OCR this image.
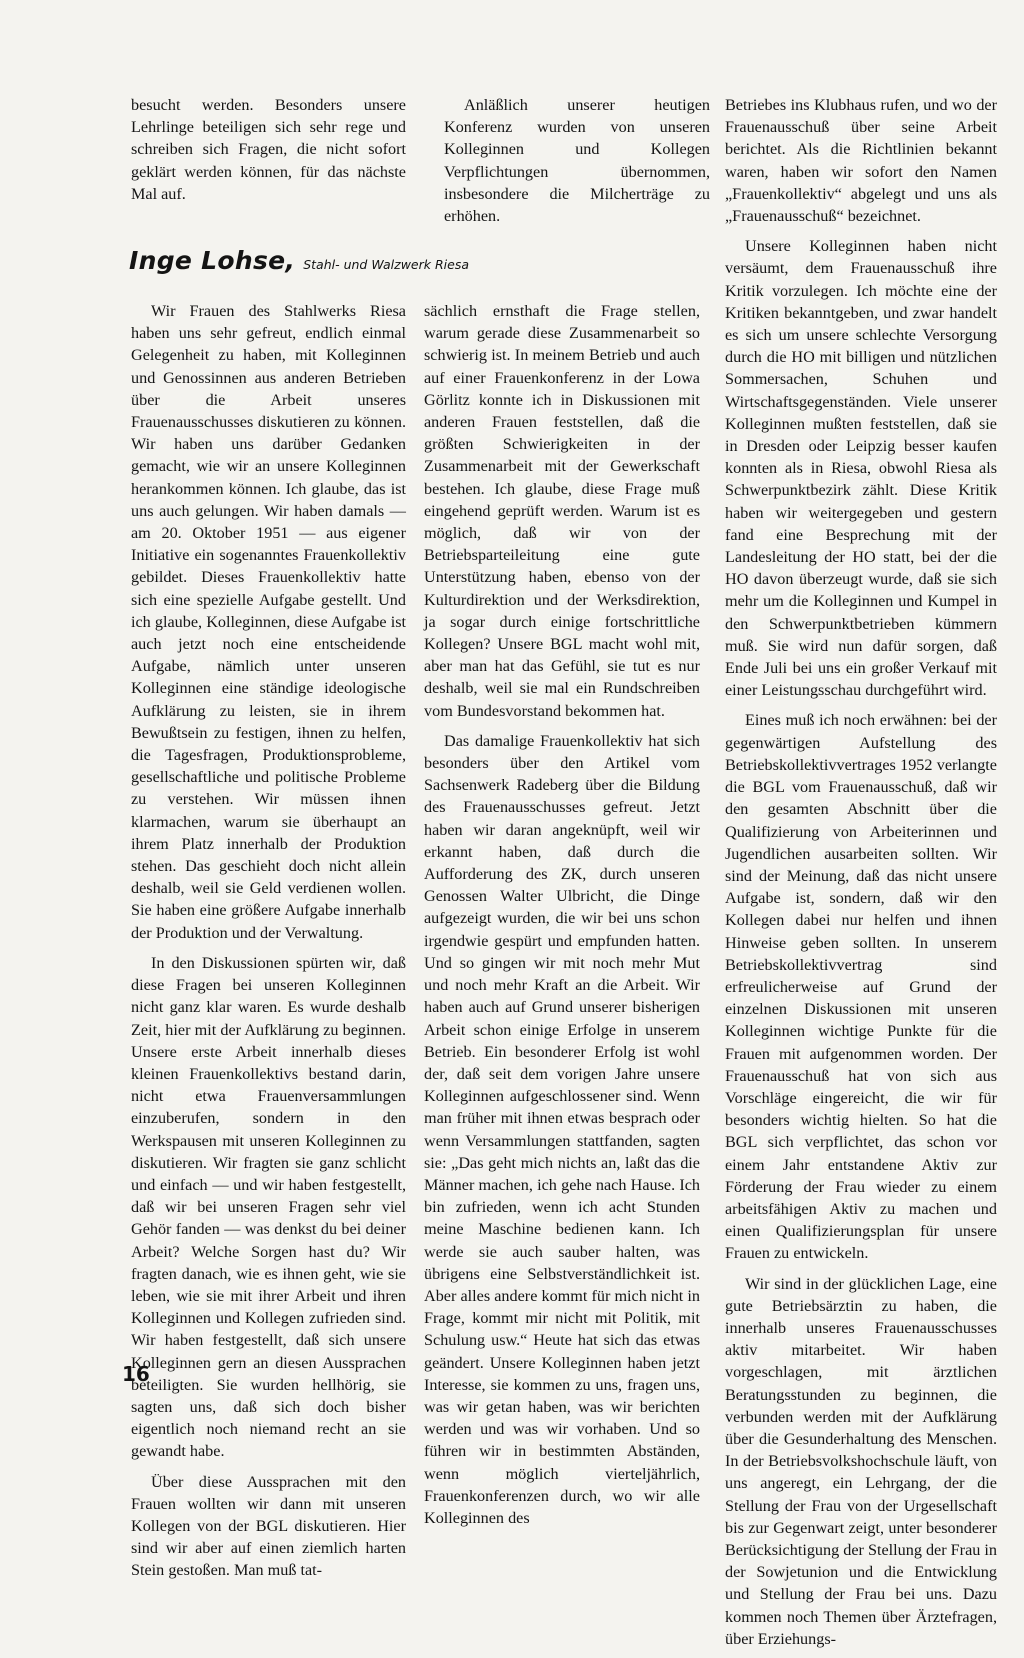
besucht werden. Besonders unsere Lehrlinge beteiligen sich sehr rege und schreiben sich Fragen, die nicht sofort geklärt werden können, für das nächste Mal auf.

Anläßlich unserer heutigen Konferenz wurden von unseren Kolleginnen und Kollegen Verpflichtungen übernommen, insbesondere die Milcherträge zu erhöhen.

Inge Lohse, Stahl- und Walzwerk Riesa

Wir Frauen des Stahlwerks Riesa haben uns sehr gefreut, endlich einmal Gelegenheit zu haben, mit Kolleginnen und Genossinnen aus anderen Betrieben über die Arbeit unseres Frauenausschusses diskutieren zu können. Wir haben uns darüber Gedanken gemacht, wie wir an unsere Kolleginnen herankommen können. Ich glaube, das ist uns auch gelungen. Wir haben damals — am 20. Oktober 1951 — aus eigener Initiative ein sogenanntes Frauenkollektiv gebildet. Dieses Frauenkollektiv hatte sich eine spezielle Aufgabe gestellt. Und ich glaube, Kolleginnen, diese Aufgabe ist auch jetzt noch eine entscheidende Aufgabe, nämlich unter unseren Kolleginnen eine ständige ideologische Aufklärung zu leisten, sie in ihrem Bewußtsein zu festigen, ihnen zu helfen, die Tagesfragen, Produktionsprobleme, gesellschaftliche und politische Probleme zu verstehen. Wir müssen ihnen klarmachen, warum sie überhaupt an ihrem Platz innerhalb der Produktion stehen. Das geschieht doch nicht allein deshalb, weil sie Geld verdienen wollen. Sie haben eine größere Aufgabe innerhalb der Produktion und der Verwaltung.

In den Diskussionen spürten wir, daß diese Fragen bei unseren Kolleginnen nicht ganz klar waren. Es wurde deshalb Zeit, hier mit der Aufklärung zu beginnen. Unsere erste Arbeit innerhalb dieses kleinen Frauenkollektivs bestand darin, nicht etwa Frauenversammlungen einzuberufen, sondern in den Werkspausen mit unseren Kolleginnen zu diskutieren. Wir fragten sie ganz schlicht und einfach — und wir haben festgestellt, daß wir bei unseren Fragen sehr viel Gehör fanden — was denkst du bei deiner Arbeit? Welche Sorgen hast du? Wir fragten danach, wie es ihnen geht, wie sie leben, wie sie mit ihrer Arbeit und ihren Kolleginnen und Kollegen zufrieden sind. Wir haben festgestellt, daß sich unsere Kolleginnen gern an diesen Aussprachen beteiligten. Sie wurden hellhörig, sie sagten uns, daß sich doch bisher eigentlich noch niemand recht an sie gewandt habe.

Über diese Aussprachen mit den Frauen wollten wir dann mit unseren Kollegen von der BGL diskutieren. Hier sind wir aber auf einen ziemlich harten Stein gestoßen. Man muß tat-

sächlich ernsthaft die Frage stellen, warum gerade diese Zusammenarbeit so schwierig ist. In meinem Betrieb und auch auf einer Frauenkonferenz in der Lowa Görlitz konnte ich in Diskussionen mit anderen Frauen feststellen, daß die größten Schwierigkeiten in der Zusammenarbeit mit der Gewerkschaft bestehen. Ich glaube, diese Frage muß eingehend geprüft werden. Warum ist es möglich, daß wir von der Betriebsparteileitung eine gute Unterstützung haben, ebenso von der Kulturdirektion und der Werksdirektion, ja sogar durch einige fortschrittliche Kollegen? Unsere BGL macht wohl mit, aber man hat das Gefühl, sie tut es nur deshalb, weil sie mal ein Rundschreiben vom Bundesvorstand bekommen hat.

Das damalige Frauenkollektiv hat sich besonders über den Artikel vom Sachsenwerk Radeberg über die Bildung des Frauenausschusses gefreut. Jetzt haben wir daran angeknüpft, weil wir erkannt haben, daß durch die Aufforderung des ZK, durch unseren Genossen Walter Ulbricht, die Dinge aufgezeigt wurden, die wir bei uns schon irgendwie gespürt und empfunden hatten. Und so gingen wir mit noch mehr Mut und noch mehr Kraft an die Arbeit. Wir haben auch auf Grund unserer bisherigen Arbeit schon einige Erfolge in unserem Betrieb. Ein besonderer Erfolg ist wohl der, daß seit dem vorigen Jahre unsere Kolleginnen aufgeschlossener sind. Wenn man früher mit ihnen etwas besprach oder wenn Versammlungen stattfanden, sagten sie: „Das geht mich nichts an, laßt das die Männer machen, ich gehe nach Hause. Ich bin zufrieden, wenn ich acht Stunden meine Maschine bedienen kann. Ich werde sie auch sauber halten, was übrigens eine Selbstverständlichkeit ist. Aber alles andere kommt für mich nicht in Frage, kommt mir nicht mit Politik, mit Schulung usw.“ Heute hat sich das etwas geändert. Unsere Kolleginnen haben jetzt Interesse, sie kommen zu uns, fragen uns, was wir getan haben, was wir berichten werden und was wir vorhaben. Und so führen wir in bestimmten Abständen, wenn möglich vierteljährlich, Frauenkonferenzen durch, wo wir alle Kolleginnen des

Betriebes ins Klubhaus rufen, und wo der Frauenausschuß über seine Arbeit berichtet. Als die Richtlinien bekannt waren, haben wir sofort den Namen „Frauenkollektiv“ abgelegt und uns als „Frauenausschuß“ bezeichnet.

Unsere Kolleginnen haben nicht versäumt, dem Frauenausschuß ihre Kritik vorzulegen. Ich möchte eine der Kritiken bekanntgeben, und zwar handelt es sich um unsere schlechte Versorgung durch die HO mit billigen und nützlichen Sommersachen, Schuhen und Wirtschaftsgegenständen. Viele unserer Kolleginnen mußten feststellen, daß sie in Dresden oder Leipzig besser kaufen konnten als in Riesa, obwohl Riesa als Schwerpunktbezirk zählt. Diese Kritik haben wir weitergegeben und gestern fand eine Besprechung mit der Landesleitung der HO statt, bei der die HO davon überzeugt wurde, daß sie sich mehr um die Kolleginnen und Kumpel in den Schwerpunktbetrieben kümmern muß. Sie wird nun dafür sorgen, daß Ende Juli bei uns ein großer Verkauf mit einer Leistungsschau durchgeführt wird.

Eines muß ich noch erwähnen: bei der gegenwärtigen Aufstellung des Betriebskollektivvertrages 1952 verlangte die BGL vom Frauenausschuß, daß wir den gesamten Abschnitt über die Qualifizierung von Arbeiterinnen und Jugendlichen ausarbeiten sollten. Wir sind der Meinung, daß das nicht unsere Aufgabe ist, sondern, daß wir den Kollegen dabei nur helfen und ihnen Hinweise geben sollten. In unserem Betriebskollektivvertrag sind erfreulicherweise auf Grund der einzelnen Diskussionen mit unseren Kolleginnen wichtige Punkte für die Frauen mit aufgenommen worden. Der Frauenausschuß hat von sich aus Vorschläge eingereicht, die wir für besonders wichtig hielten. So hat die BGL sich verpflichtet, das schon vor einem Jahr entstandene Aktiv zur Förderung der Frau wieder zu einem arbeitsfähigen Aktiv zu machen und einen Qualifizierungsplan für unsere Frauen zu entwickeln.

Wir sind in der glücklichen Lage, eine gute Betriebsärztin zu haben, die innerhalb unseres Frauenausschusses aktiv mitarbeitet. Wir haben vorgeschlagen, mit ärztlichen Beratungsstunden zu beginnen, die verbunden werden mit der Aufklärung über die Gesunderhaltung des Menschen. In der Betriebsvolkshochschule läuft, von uns angeregt, ein Lehrgang, der die Stellung der Frau von der Urgesellschaft bis zur Gegenwart zeigt, unter besonderer Berücksichtigung der Stellung der Frau in der Sowjetunion und die Entwicklung und Stellung der Frau bei uns. Dazu kommen noch Themen über Ärztefragen, über Erziehungs-

16
